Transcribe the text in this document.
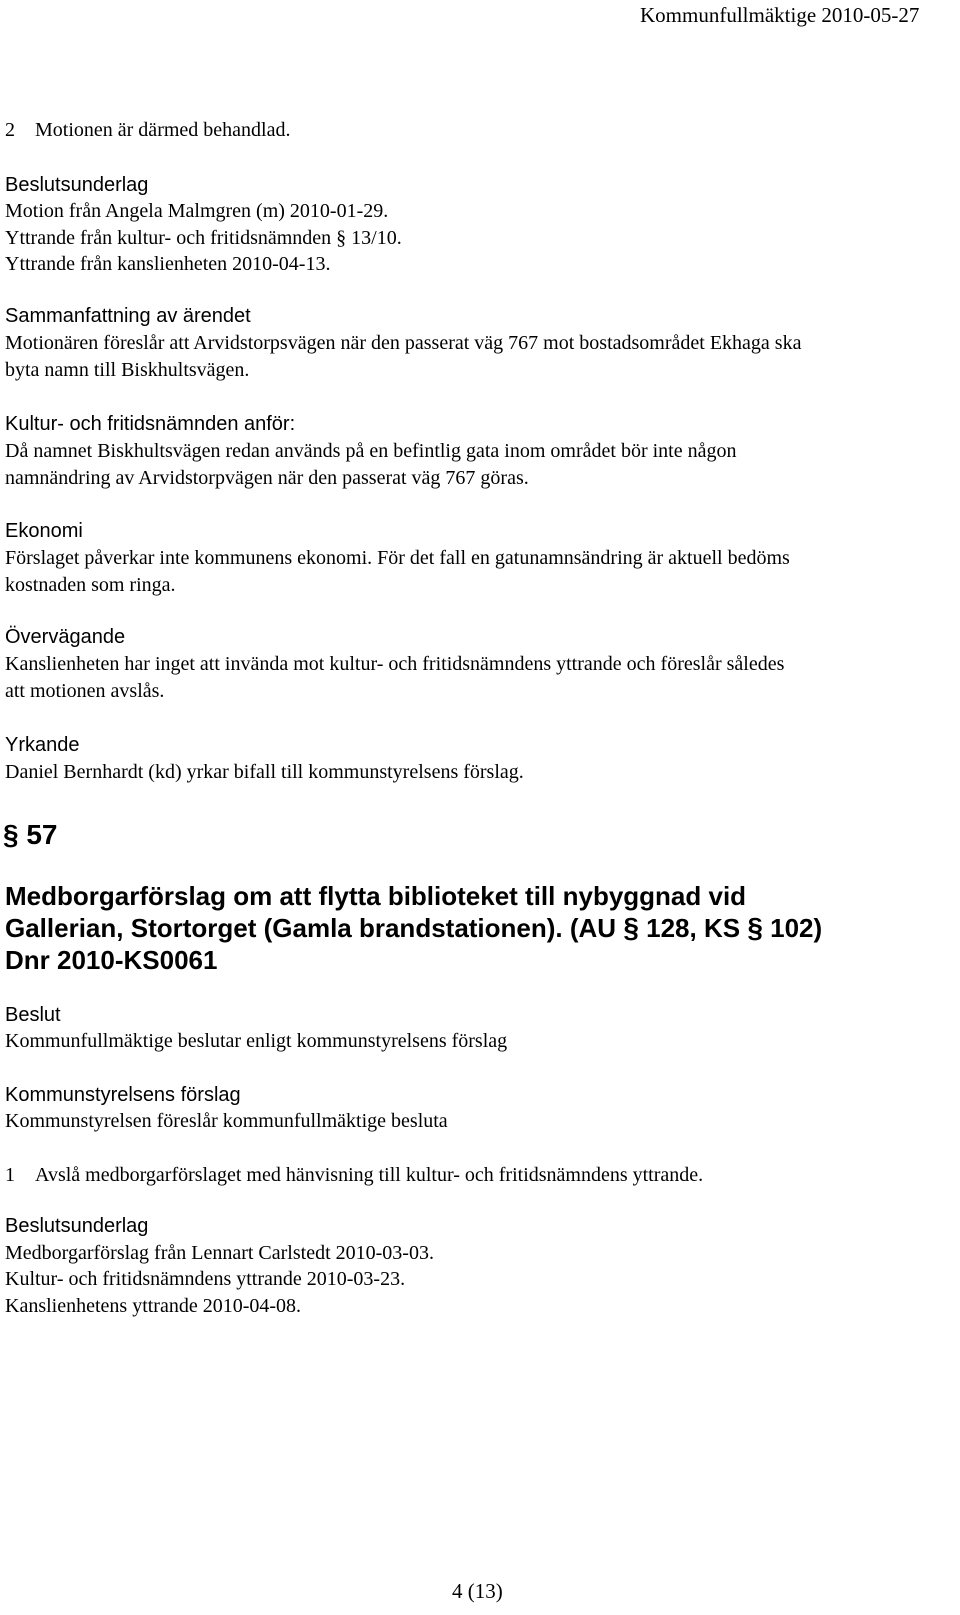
Kommunfullmäktige 2010-05-27
2 Motionen är därmed behandlad.
Beslutsunderlag
Motion från Angela Malmgren (m) 2010-01-29.
Yttrande från kultur- och fritidsnämnden § 13/10.
Yttrande från kanslienheten 2010-04-13.
Sammanfattning av ärendet
Motionären föreslår att Arvidstorpsvägen när den passerat väg 767 mot bostadsområdet Ekhaga ska
byta namn till Biskhultsvägen.
Kultur- och fritidsnämnden anför:
Då namnet Biskhultsvägen redan används på en befintlig gata inom området bör inte någon
namnändring av Arvidstorpvägen när den passerat väg 767 göras.
Ekonomi
Förslaget påverkar inte kommunens ekonomi. För det fall en gatunamnsändring är aktuell bedöms
kostnaden som ringa.
Övervägande
Kanslienheten har inget att invända mot kultur- och fritidsnämndens yttrande och föreslår således
att motionen avslås.
Yrkande
Daniel Bernhardt (kd) yrkar bifall till kommunstyrelsens förslag.
§ 57
Medborgarförslag om att flytta biblioteket till nybyggnad vid
Gallerian, Stortorget (Gamla brandstationen). (AU § 128, KS § 102)
Dnr 2010-KS0061
Beslut
Kommunfullmäktige beslutar enligt kommunstyrelsens förslag
Kommunstyrelsens förslag
Kommunstyrelsen föreslår kommunfullmäktige besluta
1 Avslå medborgarförslaget med hänvisning till kultur- och fritidsnämndens yttrande.
Beslutsunderlag
Medborgarförslag från Lennart Carlstedt 2010-03-03.
Kultur- och fritidsnämndens yttrande 2010-03-23.
Kanslienhetens yttrande 2010-04-08.
4 (13)
